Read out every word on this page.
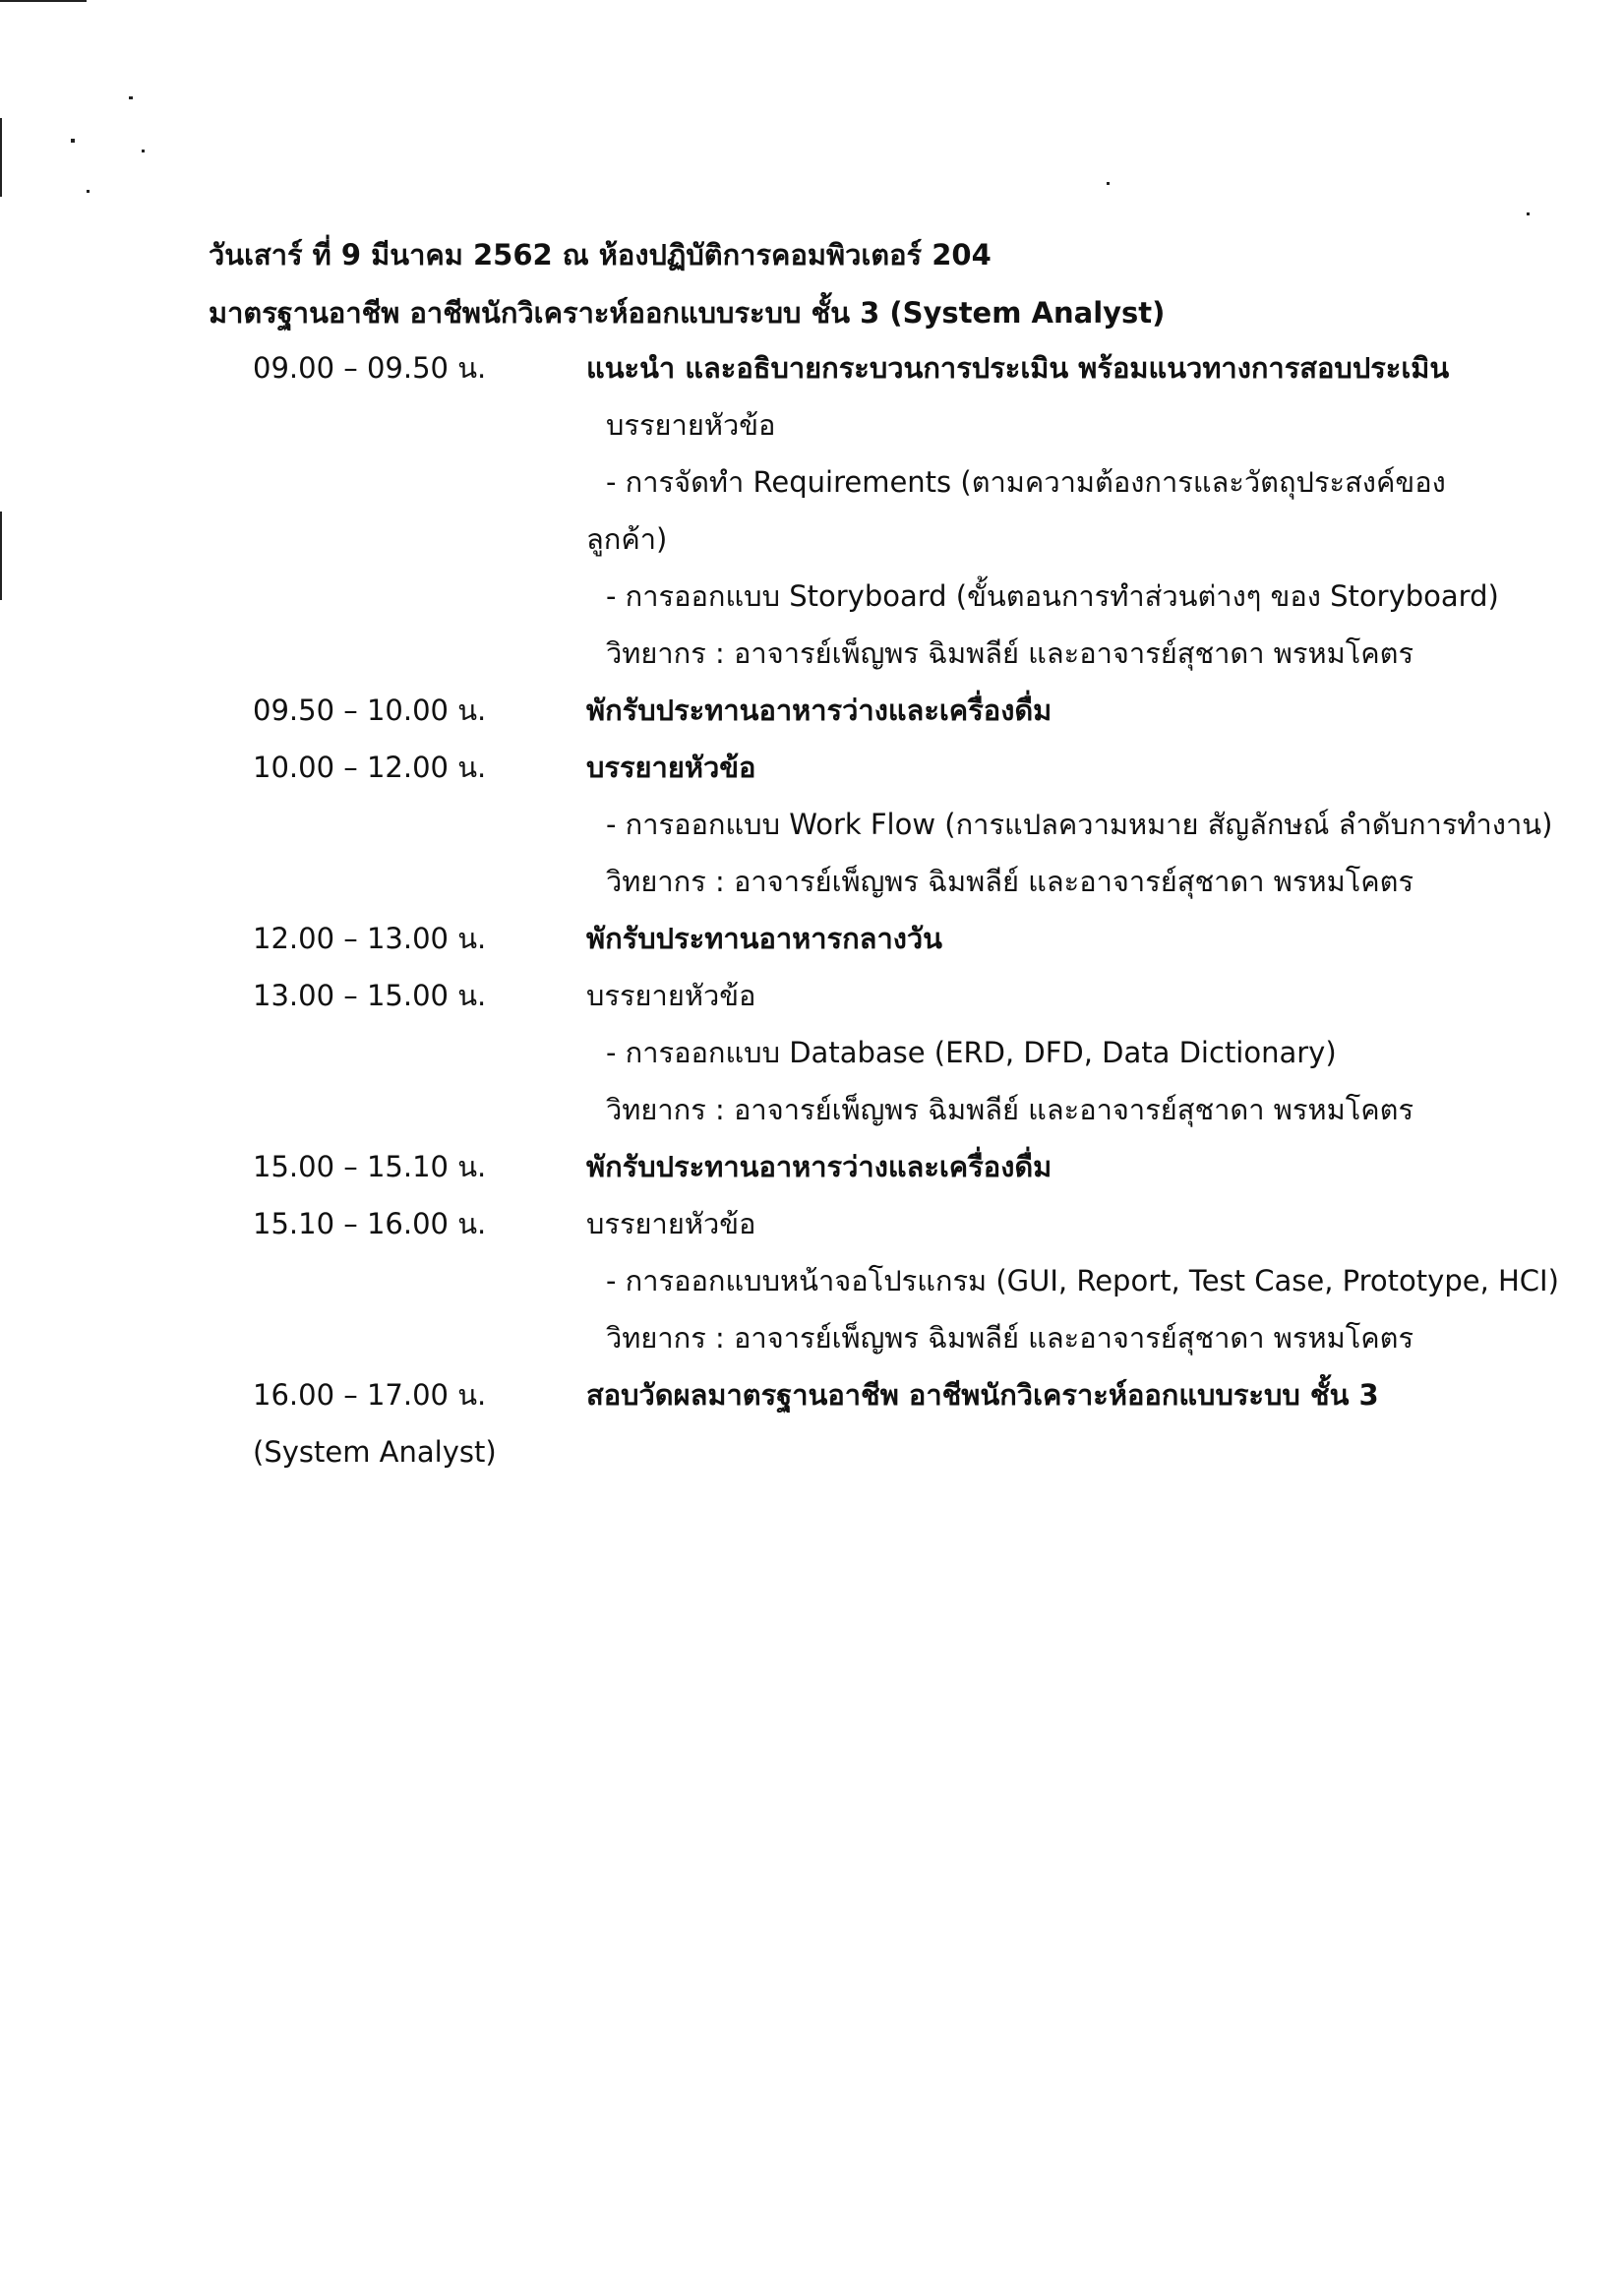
วันเสาร์ ที่ 9 มีนาคม 2562 ณ ห้องปฏิบัติการคอมพิวเตอร์ 204
มาตรฐานอาชีพ อาชีพนักวิเคราะห์ออกแบบระบบ ชั้น 3 (System Analyst)
09.00 – 09.50 น.	แนะนำ และอธิบายกระบวนการประเมิน พร้อมแนวทางการสอบประเมิน
บรรยายหัวข้อ
- การจัดทำ Requirements (ตามความต้องการและวัตถุประสงค์ของ
ลูกค้า)
- การออกแบบ Storyboard (ขั้นตอนการทำส่วนต่างๆ ของ Storyboard)
วิทยากร : อาจารย์เพ็ญพร ฉิมพลีย์ และอาจารย์สุชาดา พรหมโคตร
09.50 – 10.00 น.	พักรับประทานอาหารว่างและเครื่องดื่ม
10.00 – 12.00 น.	บรรยายหัวข้อ
- การออกแบบ Work Flow (การแปลความหมาย สัญลักษณ์ ลำดับการทำงาน)
วิทยากร : อาจารย์เพ็ญพร ฉิมพลีย์ และอาจารย์สุชาดา พรหมโคตร
12.00 – 13.00 น.	พักรับประทานอาหารกลางวัน
13.00 – 15.00 น.	บรรยายหัวข้อ
- การออกแบบ Database (ERD, DFD, Data Dictionary)
วิทยากร : อาจารย์เพ็ญพร ฉิมพลีย์ และอาจารย์สุชาดา พรหมโคตร
15.00 – 15.10 น.	พักรับประทานอาหารว่างและเครื่องดื่ม
15.10 – 16.00 น.	บรรยายหัวข้อ
- การออกแบบหน้าจอโปรแกรม (GUI, Report, Test Case, Prototype, HCI)
วิทยากร : อาจารย์เพ็ญพร ฉิมพลีย์ และอาจารย์สุชาดา พรหมโคตร
16.00 – 17.00 น.	สอบวัดผลมาตรฐานอาชีพ อาชีพนักวิเคราะห์ออกแบบระบบ ชั้น 3
(System Analyst)
